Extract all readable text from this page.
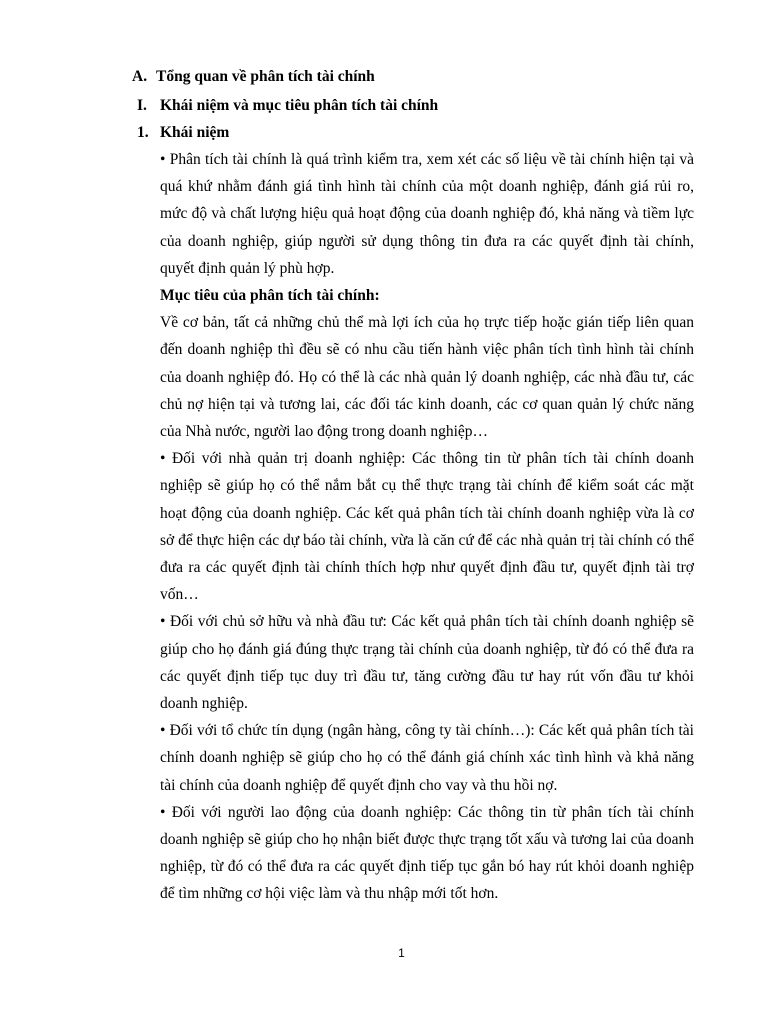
A. Tổng quan về phân tích tài chính
I. Khái niệm và mục tiêu phân tích tài chính
1. Khái niệm

• Phân tích tài chính là quá trình kiểm tra, xem xét các số liệu về tài chính hiện tại và quá khứ nhằm đánh giá tình hình tài chính của một doanh nghiệp, đánh giá rủi ro, mức độ và chất lượng hiệu quả hoạt động của doanh nghiệp đó, khả năng và tiềm lực của doanh nghiệp, giúp người sử dụng thông tin đưa ra các quyết định tài chính, quyết định quản lý phù hợp.

Mục tiêu của phân tích tài chính:

Về cơ bản, tất cả những chủ thể mà lợi ích của họ trực tiếp hoặc gián tiếp liên quan đến doanh nghiệp thì đều sẽ có nhu cầu tiến hành việc phân tích tình hình tài chính của doanh nghiệp đó. Họ có thể là các nhà quản lý doanh nghiệp, các nhà đầu tư, các chủ nợ hiện tại và tương lai, các đối tác kinh doanh, các cơ quan quản lý chức năng của Nhà nước, người lao động trong doanh nghiệp…

• Đối với nhà quản trị doanh nghiệp: Các thông tin từ phân tích tài chính doanh nghiệp sẽ giúp họ có thể nắm bắt cụ thể thực trạng tài chính để kiểm soát các mặt hoạt động của doanh nghiệp. Các kết quả phân tích tài chính doanh nghiệp vừa là cơ sở để thực hiện các dự báo tài chính, vừa là căn cứ để các nhà quản trị tài chính có thể đưa ra các quyết định tài chính thích hợp như quyết định đầu tư, quyết định tài trợ vốn…

• Đối với chủ sở hữu và nhà đầu tư: Các kết quả phân tích tài chính doanh nghiệp sẽ giúp cho họ đánh giá đúng thực trạng tài chính của doanh nghiệp, từ đó có thể đưa ra các quyết định tiếp tục duy trì đầu tư, tăng cường đầu tư hay rút vốn đầu tư khỏi doanh nghiệp.

• Đối với tổ chức tín dụng (ngân hàng, công ty tài chính…): Các kết quả phân tích tài chính doanh nghiệp sẽ giúp cho họ có thể đánh giá chính xác tình hình và khả năng tài chính của doanh nghiệp để quyết định cho vay và thu hồi nợ.

• Đối với người lao động của doanh nghiệp: Các thông tin từ phân tích tài chính doanh nghiệp sẽ giúp cho họ nhận biết được thực trạng tốt xấu và tương lai của doanh nghiệp, từ đó có thể đưa ra các quyết định tiếp tục gắn bó hay rút khỏi doanh nghiệp để tìm những cơ hội việc làm và thu nhập mới tốt hơn.

1
